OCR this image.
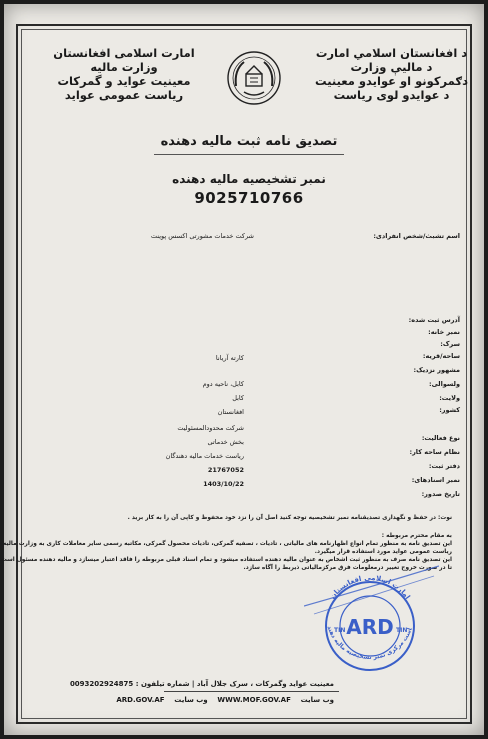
امارت اسلامی افغانستان
وزارت مالیه
معینیت عواید و گمرکات
ریاست عمومی عواید
د افغانستان اسلامي امارت
د مالیې وزارت
دګمرکونو او عوایدو معینیت
د عوایدو لوی ریاست
تصدیق نامه ثبت مالیه دهنده
نمبر تشخیصیه مالیه دهنده
9025710766
اسم تشبث/شخص انفرادی:
شرکت خدمات مشورتی اکسس پوینت
آدرس ثبت شده:
نمبر خانه:
سرک:
ساحه/قریه:
مشهور نزدیک:
کارته آریانا
ولسوالی:
کابل، ناحیه دوم
ولایت:
کابل
کشور:
افغانستان
نوع فعالیت:
شرکت محدودالمسئولیت
نظام ساحه کار:
بخش خدماتی
دفتر ثبت:
ریاست خدمات مالیه دهندگان
نمبر اسنادهای:
21767052
تاریخ صدور:
1403/10/22
نوت: در حفظ و نگهداری تصدیقنامه نمبر تشخیصیه توجه کنید اصل آن را نزد خود محفوظ و کاپی آن را به کار برید .
به مقام محترم مربوطه :
این تصدیق نامه به منظور تمام انواع اظهارنامه های مالیاتی ، تادیات ، تصفیه گمرکی، تادیات محصول گمرکی، مکاتبه رسمی سایر معاملات کاری به وزارت مالیه
ریاست عمومی عواید مورد استفاده قرار میگیرد.
این تصدیق نامه صرف به منظور ثبت اشخاص به عنوان مالیه دهنده استفاده میشود و تمام اسناد قبلی مربوطه را فاقد اعتبار میسازد و مالیه دهنده مسئول است
تا در صورت خروج تغییر درمعلومات فرق مرکزمالیاتی ذیربط را آگاه سازد.
امارت اسلامی افغانستان
است مرکزی نمبر تشخیصیه مالیه دهند TIN	TIN
ARD
معینیت عواید وگمرکات ، سرک جلال آباد | شماره تیلفون : 0093202924875
وب سایت    WWW.MOF.GOV.AF    وب سایت    ARD.GOV.AF
